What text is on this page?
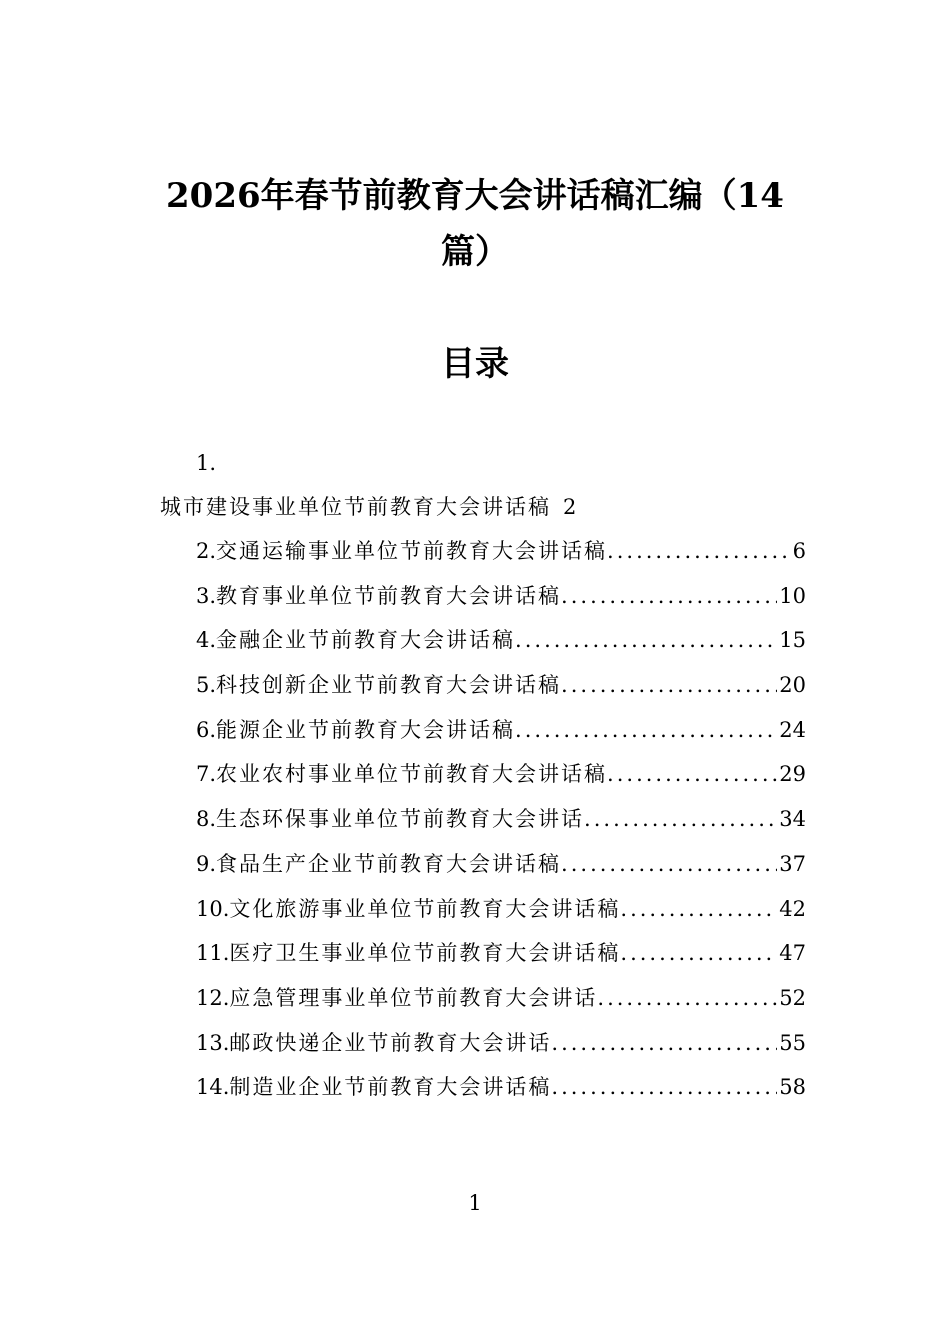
2026年春节前教育大会讲话稿汇编（14篇）
目录
1.
城市建设事业单位节前教育大会讲话稿 2
2. 交通运输事业单位节前教育大会讲话稿 .....	6
3. 教育事业单位节前教育大会讲话稿 .....	10
4. 金融企业节前教育大会讲话稿 .....	15
5. 科技创新企业节前教育大会讲话稿 .....	20
6. 能源企业节前教育大会讲话稿 .....	24
7. 农业农村事业单位节前教育大会讲话稿 .....	29
8. 生态环保事业单位节前教育大会讲话 .....	34
9. 食品生产企业节前教育大会讲话稿 .....	37
10. 文化旅游事业单位节前教育大会讲话稿 .....	42
11. 医疗卫生事业单位节前教育大会讲话稿 .....	47
12. 应急管理事业单位节前教育大会讲话 .....	52
13. 邮政快递企业节前教育大会讲话 .....	55
14. 制造业企业节前教育大会讲话稿 .....	58
1
